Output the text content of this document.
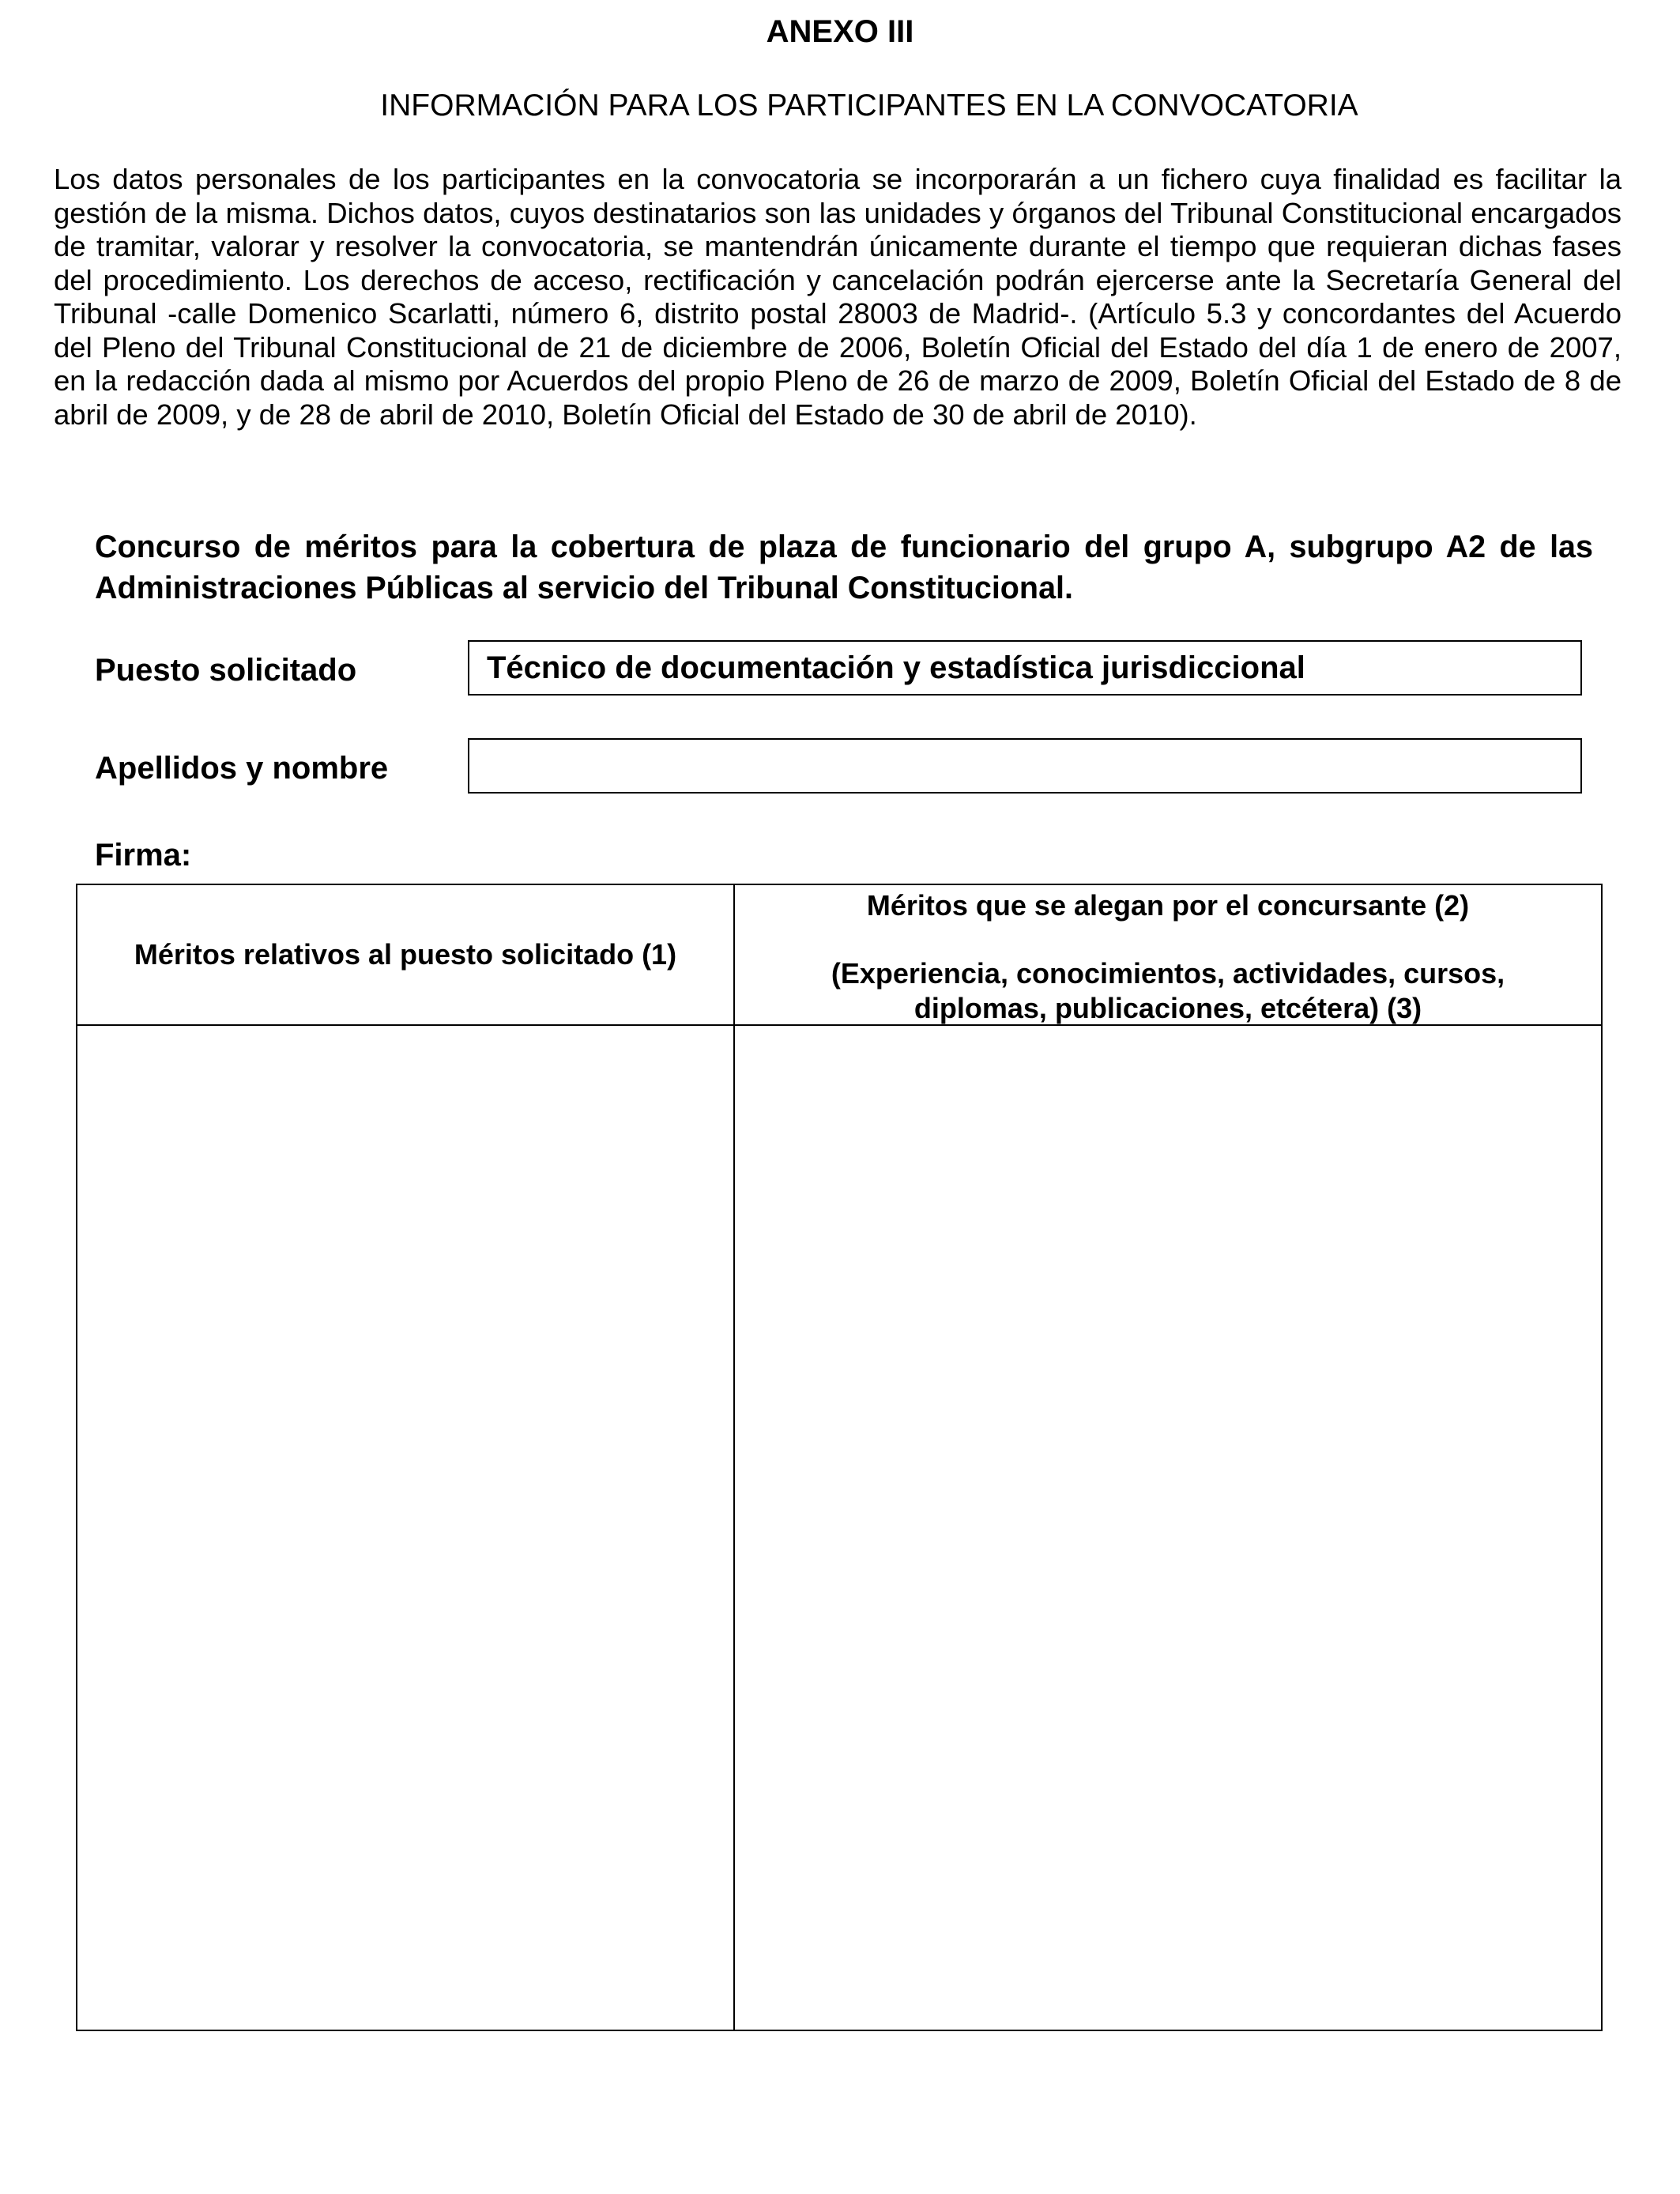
ANEXO III
INFORMACIÓN PARA LOS PARTICIPANTES EN LA CONVOCATORIA

Los datos personales de los participantes en la convocatoria se incorporarán a un fichero cuya finalidad es facilitar la gestión de la misma. Dichos datos, cuyos destinatarios son las unidades y órganos del Tribunal Constitucional encargados de tramitar, valorar y resolver la convocatoria, se mantendrán únicamente durante el tiempo que requieran dichas fases del procedimiento. Los derechos de acceso, rectificación y cancelación podrán ejercerse ante la Secretaría General del Tribunal -calle Domenico Scarlatti, número 6, distrito postal 28003 de Madrid-. (Artículo 5.3 y concordantes del Acuerdo del Pleno del Tribunal Constitucional de 21 de diciembre de 2006, Boletín Oficial del Estado del día 1 de enero de 2007, en la redacción dada al mismo por Acuerdos del propio Pleno de 26 de marzo de 2009, Boletín Oficial del Estado de 8 de abril de 2009, y de 28 de abril de 2010, Boletín Oficial del Estado de 30 de abril de 2010).

Concurso de méritos para la cobertura de plaza de funcionario del grupo A, subgrupo A2 de las Administraciones Públicas al servicio del Tribunal Constitucional.

Puesto solicitado	Técnico de documentación y estadística jurisdiccional
Apellidos y nombre
Firma:
Méritos relativos al puesto solicitado (1)
Méritos que se alegan por el concursante (2)
(Experiencia, conocimientos, actividades, cursos, diplomas, publicaciones, etcétera) (3)
